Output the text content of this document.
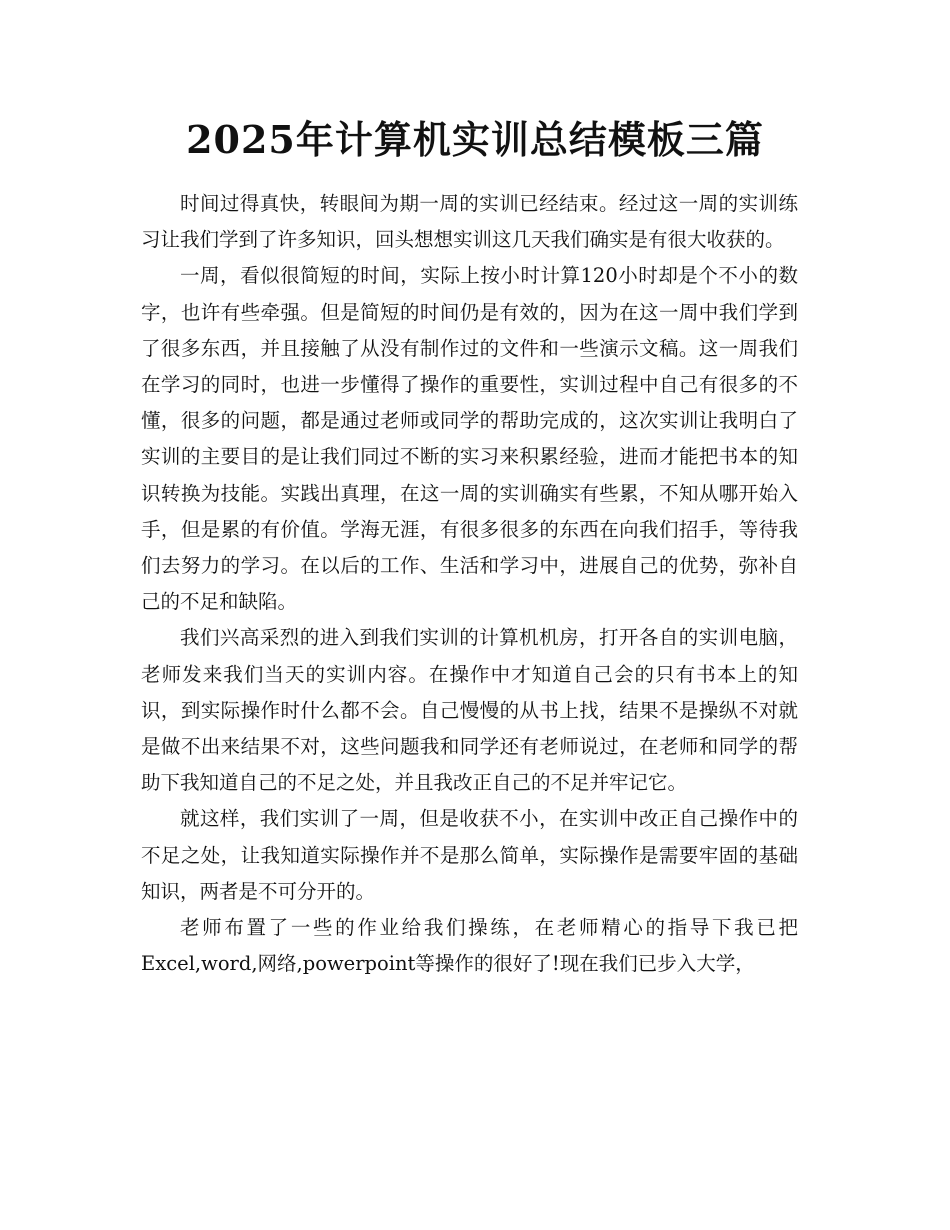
2025年计算机实训总结模板三篇

时间过得真快，转眼间为期一周的实训已经结束。经过这一周的实训练习让我们学到了许多知识，回头想想实训这几天我们确实是有很大收获的。

一周，看似很简短的时间，实际上按小时计算120小时却是个不小的数字，也许有些牵强。但是简短的时间仍是有效的，因为在这一周中我们学到了很多东西，并且接触了从没有制作过的文件和一些演示文稿。这一周我们在学习的同时，也进一步懂得了操作的重要性，实训过程中自己有很多的不懂，很多的问题，都是通过老师或同学的帮助完成的，这次实训让我明白了实训的主要目的是让我们同过不断的实习来积累经验，进而才能把书本的知识转换为技能。实践出真理，在这一周的实训确实有些累，不知从哪开始入手，但是累的有价值。学海无涯，有很多很多的东西在向我们招手，等待我们去努力的学习。在以后的工作、生活和学习中，进展自己的优势，弥补自己的不足和缺陷。

我们兴高采烈的进入到我们实训的计算机机房，打开各自的实训电脑，老师发来我们当天的实训内容。在操作中才知道自己会的只有书本上的知识，到实际操作时什么都不会。自己慢慢的从书上找，结果不是操纵不对就是做不出来结果不对，这些问题我和同学还有老师说过，在老师和同学的帮助下我知道自己的不足之处，并且我改正自己的不足并牢记它。

就这样，我们实训了一周，但是收获不小，在实训中改正自己操作中的不足之处，让我知道实际操作并不是那么简单，实际操作是需要牢固的基础知识，两者是不可分开的。

老师布置了一些的作业给我们操练，在老师精心的指导下我已把Excel,word,网络,powerpoint等操作的很好了!现在我们已步入大学，
